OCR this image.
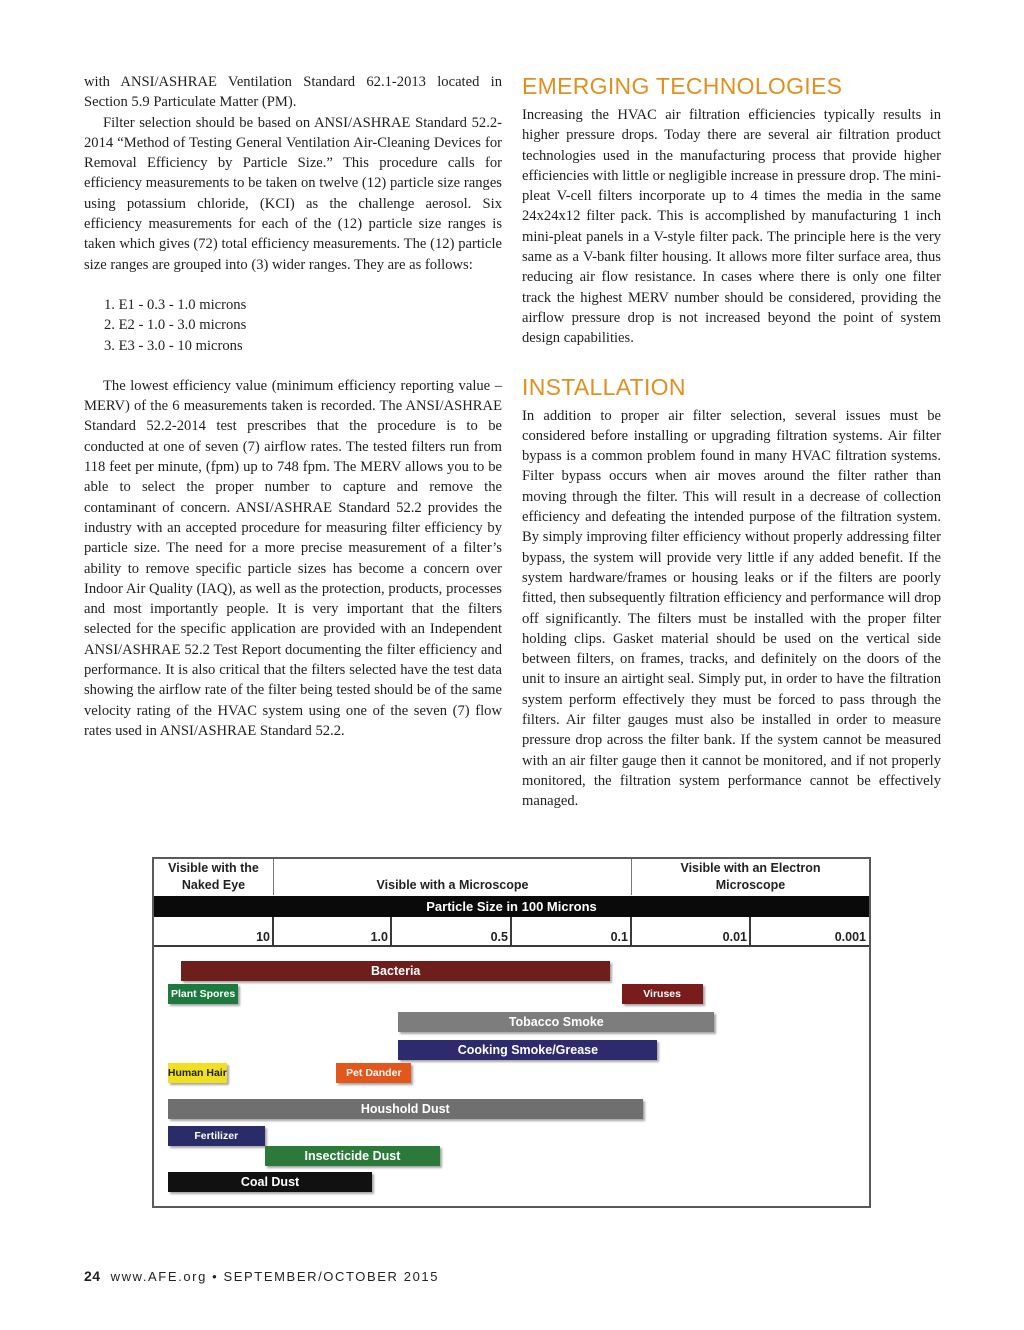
with ANSI/ASHRAE Ventilation Standard 62.1-2013 located in Section 5.9 Particulate Matter (PM).

Filter selection should be based on ANSI/ASHRAE Standard 52.2-2014 “Method of Testing General Ventilation Air-Cleaning Devices for Removal Efficiency by Particle Size.” This procedure calls for efficiency measurements to be taken on twelve (12) particle size ranges using potassium chloride, (KCI) as the challenge aerosol. Six efficiency measurements for each of the (12) particle size ranges is taken which gives (72) total efficiency measurements. The (12) particle size ranges are grouped into (3) wider ranges. They are as follows:

1. E1 - 0.3 - 1.0 microns
2. E2 - 1.0 - 3.0 microns
3. E3 - 3.0 - 10 microns

The lowest efficiency value (minimum efficiency reporting value – MERV) of the 6 measurements taken is recorded. The ANSI/ASHRAE Standard 52.2-2014 test prescribes that the procedure is to be conducted at one of seven (7) airflow rates. The tested filters run from 118 feet per minute, (fpm) up to 748 fpm. The MERV allows you to be able to select the proper number to capture and remove the contaminant of concern. ANSI/ASHRAE Standard 52.2 provides the industry with an accepted procedure for measuring filter efficiency by particle size. The need for a more precise measurement of a filter’s ability to remove specific particle sizes has become a concern over Indoor Air Quality (IAQ), as well as the protection, products, processes and most importantly people. It is very important that the filters selected for the specific application are provided with an Independent ANSI/ASHRAE 52.2 Test Report documenting the filter efficiency and performance. It is also critical that the filters selected have the test data showing the airflow rate of the filter being tested should be of the same velocity rating of the HVAC system using one of the seven (7) flow rates used in ANSI/ASHRAE Standard 52.2.

EMERGING TECHNOLOGIES

Increasing the HVAC air filtration efficiencies typically results in higher pressure drops. Today there are several air filtration product technologies used in the manufacturing process that provide higher efficiencies with little or negligible increase in pressure drop. The mini-pleat V-cell filters incorporate up to 4 times the media in the same 24x24x12 filter pack. This is accomplished by manufacturing 1 inch mini-pleat panels in a V-style filter pack. The principle here is the very same as a V-bank filter housing. It allows more filter surface area, thus reducing air flow resistance. In cases where there is only one filter track the highest MERV number should be considered, providing the airflow pressure drop is not increased beyond the point of system design capabilities.

INSTALLATION

In addition to proper air filter selection, several issues must be considered before installing or upgrading filtration systems. Air filter bypass is a common problem found in many HVAC filtration systems. Filter bypass occurs when air moves around the filter rather than moving through the filter. This will result in a decrease of collection efficiency and defeating the intended purpose of the filtration system. By simply improving filter efficiency without properly addressing filter bypass, the system will provide very little if any added benefit. If the system hardware/frames or housing leaks or if the filters are poorly fitted, then subsequently filtration efficiency and performance will drop off significantly. The filters must be installed with the proper filter holding clips. Gasket material should be used on the vertical side between filters, on frames, tracks, and definitely on the doors of the unit to insure an airtight seal. Simply put, in order to have the filtration system perform effectively they must be forced to pass through the filters. Air filter gauges must also be installed in order to measure pressure drop across the filter bank. If the system cannot be measured with an air filter gauge then it cannot be monitored, and if not properly monitored, the filtration system performance cannot be effectively managed.

Visible with the Naked Eye	Visible with a Microscope
Visible with an Electron Microscope
Particle Size in 100 Microns
10	1.0	0.5	0.1	0.01	0.001
Bacteria
Plant Spores	Viruses
Tobacco Smoke
Cooking Smoke/Grease
Human Hair	Pet Dander
Houshold Dust
Fertilizer
Insecticide Dust
Coal Dust
24 www.AFE.org • SEPTEMBER/OCTOBER 2015
